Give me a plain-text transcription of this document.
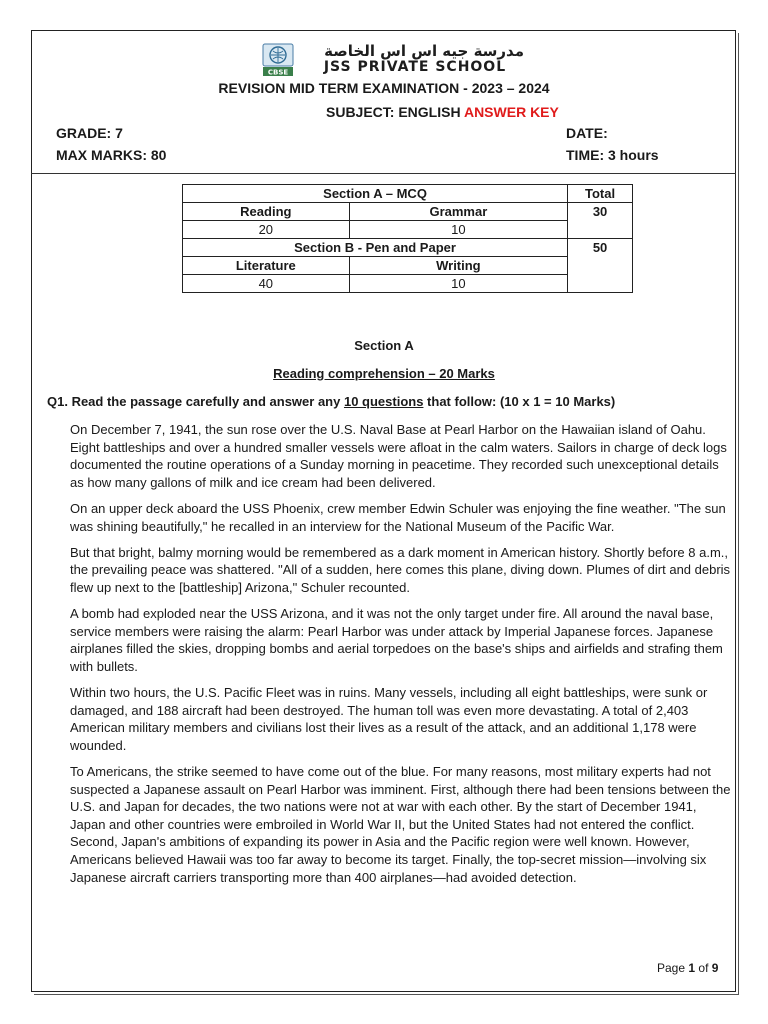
CBSE
مدرسة جيه اس اس الخاصة
JSS PRIVATE SCHOOL
REVISION MID TERM EXAMINATION - 2023 – 2024
SUBJECT: ENGLISH ANSWER KEY
GRADE: 7
MAX MARKS: 80
DATE:
TIME: 3 hours
Section A – MCQ		Total
Reading	Grammar	30
20	10	
Section B - Pen and Paper		50
Literature	Writing	
40	10	
Section A
Reading comprehension – 20 Marks
Q1. Read the passage carefully and answer any 10 questions that follow: (10 x 1 = 10 Marks)

On December 7, 1941, the sun rose over the U.S. Naval Base at Pearl Harbor on the Hawaiian island of Oahu. Eight battleships and over a hundred smaller vessels were afloat in the calm waters. Sailors in charge of deck logs documented the routine operations of a Sunday morning in peacetime. They recorded such unexceptional details as how many gallons of milk and ice cream had been delivered.

On an upper deck aboard the USS Phoenix, crew member Edwin Schuler was enjoying the fine weather. "The sun was shining beautifully," he recalled in an interview for the National Museum of the Pacific War.

But that bright, balmy morning would be remembered as a dark moment in American history. Shortly before 8 a.m., the prevailing peace was shattered. "All of a sudden, here comes this plane, diving down. Plumes of dirt and debris flew up next to the [battleship] Arizona," Schuler recounted.

A bomb had exploded near the USS Arizona, and it was not the only target under fire. All around the naval base, service members were raising the alarm: Pearl Harbor was under attack by Imperial Japanese forces. Japanese airplanes filled the skies, dropping bombs and aerial torpedoes on the base's ships and airfields and strafing them with bullets.

Within two hours, the U.S. Pacific Fleet was in ruins. Many vessels, including all eight battleships, were sunk or damaged, and 188 aircraft had been destroyed. The human toll was even more devastating. A total of 2,403 American military members and civilians lost their lives as a result of the attack, and an additional 1,178 were wounded.

To Americans, the strike seemed to have come out of the blue. For many reasons, most military experts had not suspected a Japanese assault on Pearl Harbor was imminent. First, although there had been tensions between the U.S. and Japan for decades, the two nations were not at war with each other. By the start of December 1941, Japan and other countries were embroiled in World War II, but the United States had not entered the conflict. Second, Japan's ambitions of expanding its power in Asia and the Pacific region were well known. However, Americans believed Hawaii was too far away to become its target. Finally, the top-secret mission—involving six Japanese aircraft carriers transporting more than 400 airplanes—had avoided detection.

Page 1 of 9
